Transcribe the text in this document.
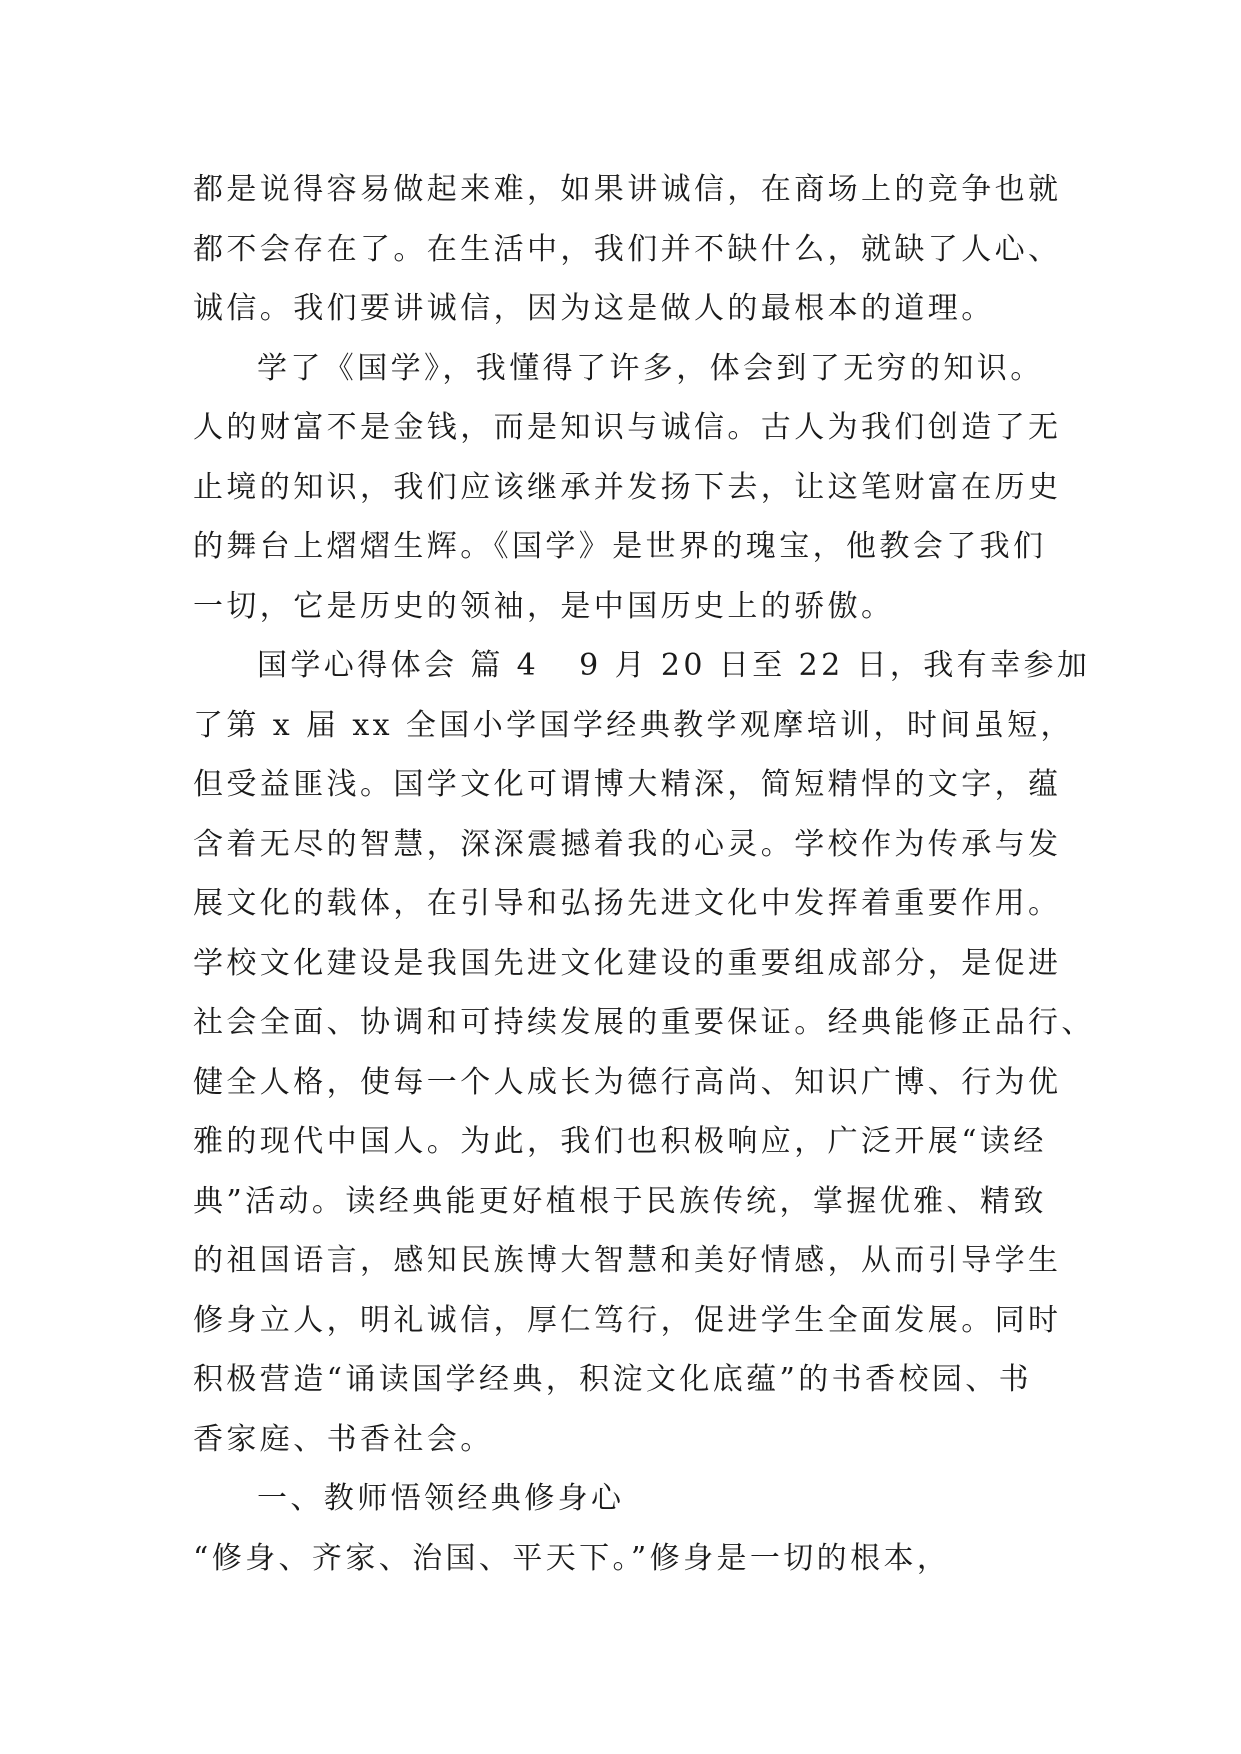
都是说得容易做起来难，如果讲诚信，在商场上的竞争也就
都不会存在了。在生活中，我们并不缺什么，就缺了人心、
诚信。我们要讲诚信，因为这是做人的最根本的道理。
学了《国学》，我懂得了许多，体会到了无穷的知识。
人的财富不是金钱，而是知识与诚信。古人为我们创造了无
止境的知识，我们应该继承并发扬下去，让这笔财富在历史
的舞台上熠熠生辉。《国学》是世界的瑰宝，他教会了我们
一切，它是历史的领袖，是中国历史上的骄傲。
国学心得体会 篇 4 9 月 20 日至 22 日，我有幸参加
了第 x 届 xx 全国小学国学经典教学观摩培训，时间虽短，
但受益匪浅。国学文化可谓博大精深，简短精悍的文字，蕴
含着无尽的智慧，深深震撼着我的心灵。学校作为传承与发
展文化的载体，在引导和弘扬先进文化中发挥着重要作用。
学校文化建设是我国先进文化建设的重要组成部分，是促进
社会全面、协调和可持续发展的重要保证。经典能修正品行、
健全人格，使每一个人成长为德行高尚、知识广博、行为优
雅的现代中国人。为此，我们也积极响应，广泛开展“读经
典”活动。读经典能更好植根于民族传统，掌握优雅、精致
的祖国语言，感知民族博大智慧和美好情感，从而引导学生
修身立人，明礼诚信，厚仁笃行，促进学生全面发展。同时
积极营造“诵读国学经典，积淀文化底蕴”的书香校园、书
香家庭、书香社会。
一、教师悟领经典修身心
“修身、齐家、治国、平天下。”修身是一切的根本，
